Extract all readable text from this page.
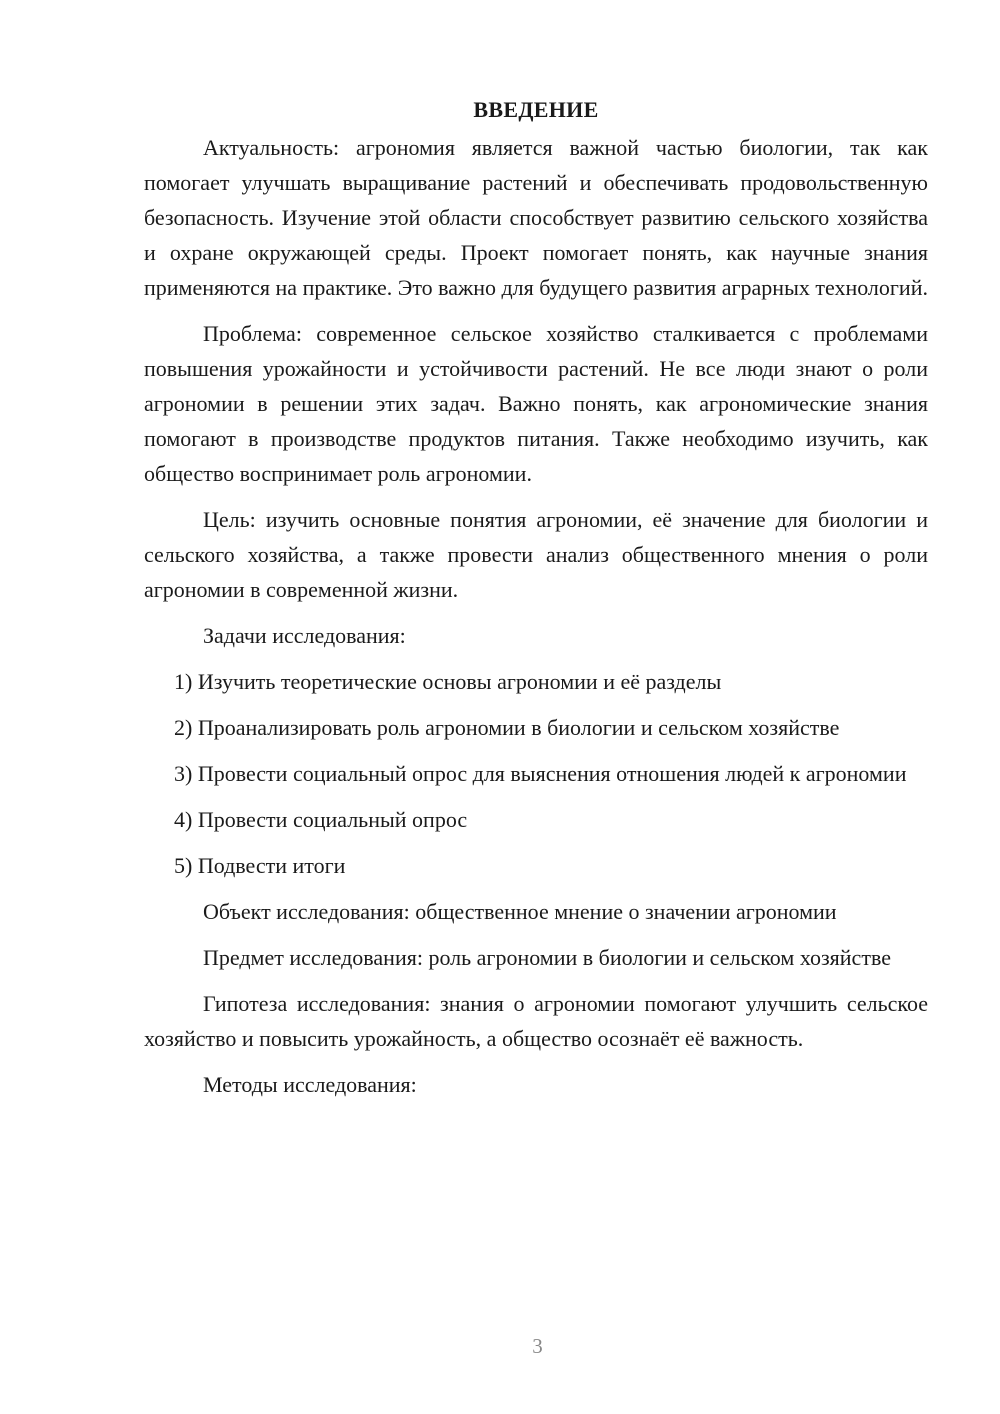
ВВЕДЕНИЕ

Актуальность: агрономия является важной частью биологии, так как помогает улучшать выращивание растений и обеспечивать продовольственную безопасность. Изучение этой области способствует развитию сельского хозяйства и охране окружающей среды. Проект помогает понять, как научные знания применяются на практике. Это важно для будущего развития аграрных технологий.

Проблема: современное сельское хозяйство сталкивается с проблемами повышения урожайности и устойчивости растений. Не все люди знают о роли агрономии в решении этих задач. Важно понять, как агрономические знания помогают в производстве продуктов питания. Также необходимо изучить, как общество воспринимает роль агрономии.

Цель: изучить основные понятия агрономии, её значение для биологии и сельского хозяйства, а также провести анализ общественного мнения о роли агрономии в современной жизни.

Задачи исследования:

1) Изучить теоретические основы агрономии и её разделы

2) Проанализировать роль агрономии в биологии и сельском хозяйстве

3) Провести социальный опрос для выяснения отношения людей к агрономии

4) Провести социальный опрос

5) Подвести итоги

Объект исследования: общественное мнение о значении агрономии

Предмет исследования: роль агрономии в биологии и сельском хозяйстве

Гипотеза исследования: знания о агрономии помогают улучшить сельское хозяйство и повысить урожайность, а общество осознаёт её важность.

Методы исследования:

3
